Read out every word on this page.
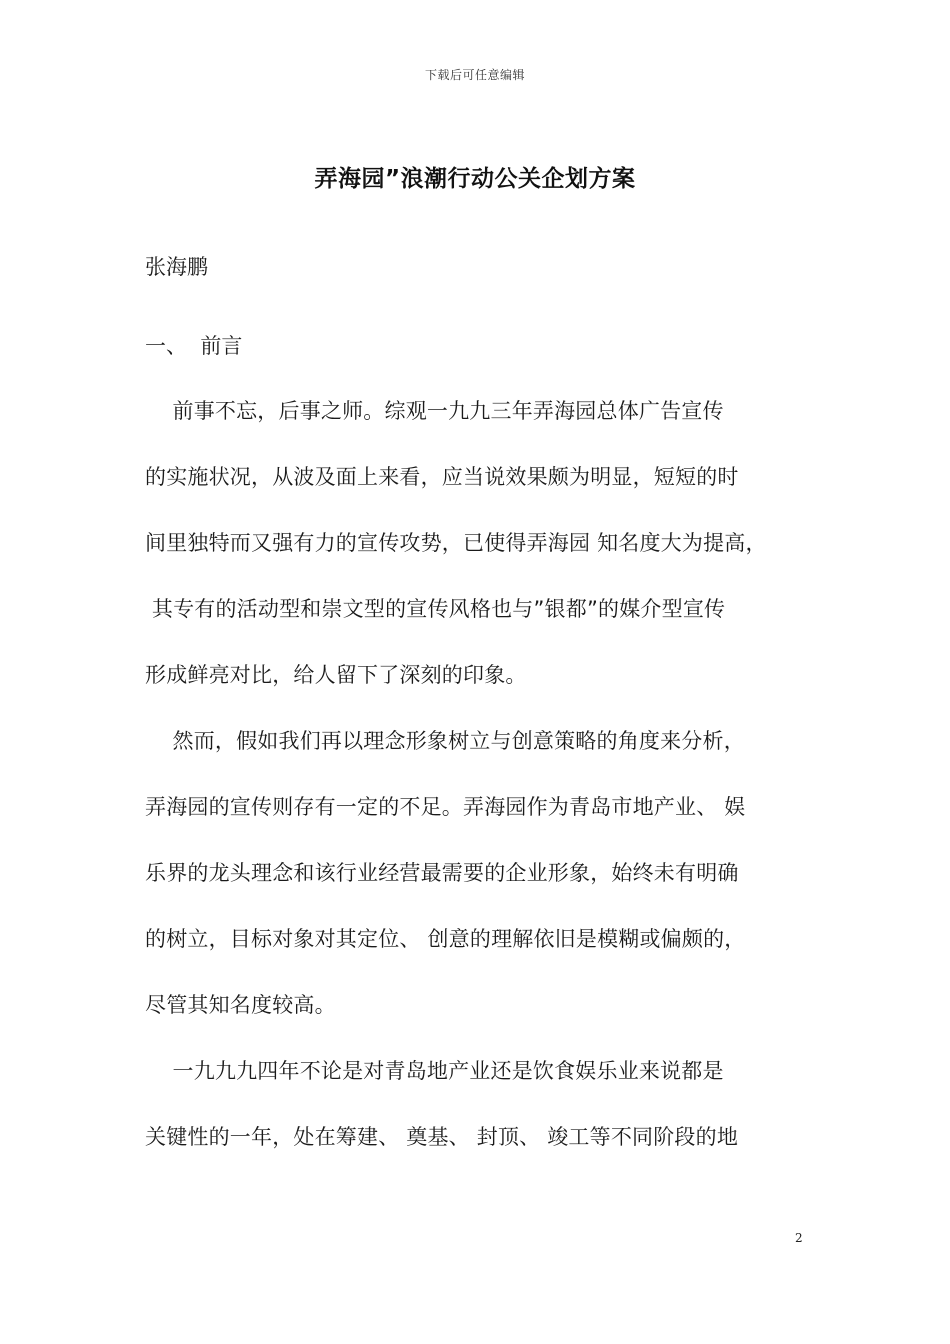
下载后可任意编辑
弄海园”浪潮行动公关企划方案
张海鹏
一、  前言
前事不忘，后事之师。综观一九九三年弄海园总体广告宣传
的实施状况，从波及面上来看，应当说效果颇为明显，短短的时
间里独特而又强有力的宣传攻势，已使得弄海园 知名度大为提高，
其专有的活动型和崇文型的宣传风格也与”银都”的媒介型宣传
形成鲜亮对比，给人留下了深刻的印象。
然而，假如我们再以理念形象树立与创意策略的角度来分析，
弄海园的宣传则存有一定的不足。弄海园作为青岛市地产业、 娱
乐界的龙头理念和该行业经营最需要的企业形象，始终未有明确
的树立，目标对象对其定位、 创意的理解依旧是模糊或偏颇的，
尽管其知名度较高。
一九九九四年不论是对青岛地产业还是饮食娱乐业来说都是
关键性的一年，处在筹建、 奠基、 封顶、 竣工等不同阶段的地
2
